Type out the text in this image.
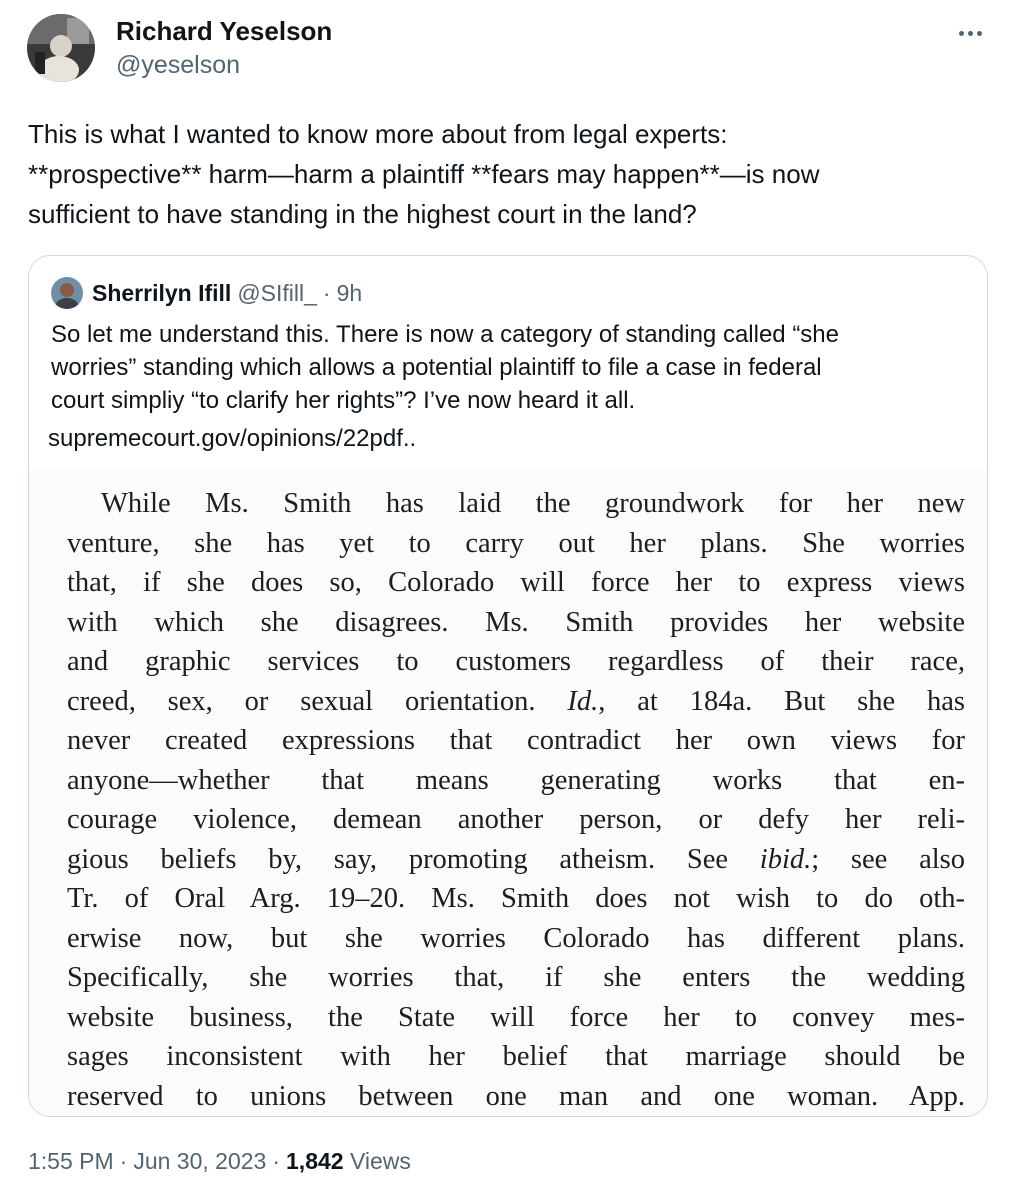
Richard Yeselson
@yeselson
This is what I wanted to know more about from legal experts:
**prospective** harm—harm a plaintiff **fears may happen**—is now
sufficient to have standing in the highest court in the land?
Sherrilyn Ifill @SIfill_ · 9h
So let me understand this. There is now a category of standing called “she
worries” standing which allows a potential plaintiff to file a case in federal
court simpliy “to clarify her rights”? I’ve now heard it all.
supremecourt.gov/opinions/22pdf..
While Ms. Smith has laid the groundwork for her new
venture, she has yet to carry out her plans. She worries
that, if she does so, Colorado will force her to express views
with which she disagrees. Ms. Smith provides her website
and graphic services to customers regardless of their race,
creed, sex, or sexual orientation. Id., at 184a. But she has
never created expressions that contradict her own views for
anyone—whether that means generating works that en-
courage violence, demean another person, or defy her reli-
gious beliefs by, say, promoting atheism. See ibid.; see also
Tr. of Oral Arg. 19–20. Ms. Smith does not wish to do oth-
erwise now, but she worries Colorado has different plans.
Specifically, she worries that, if she enters the wedding
website business, the State will force her to convey mes-
sages inconsistent with her belief that marriage should be
reserved to unions between one man and one woman. App.
1:55 PM · Jun 30, 2023 · 1,842 Views
